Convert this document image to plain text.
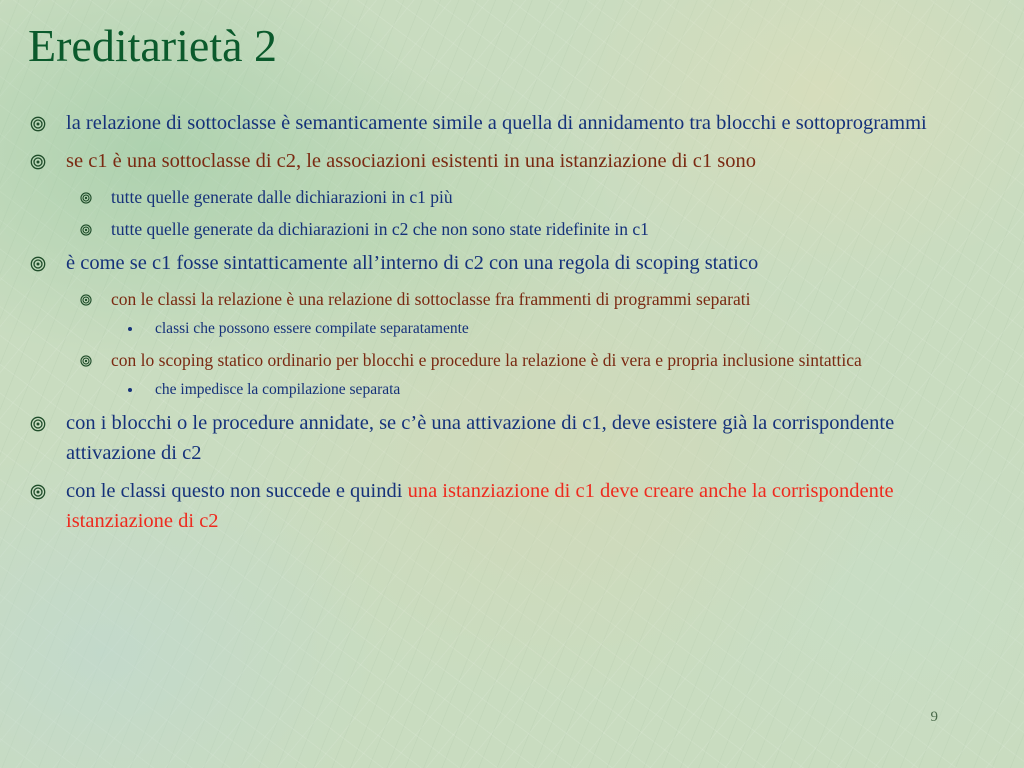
Ereditarietà 2
la relazione di sottoclasse è semanticamente simile a quella di annidamento tra blocchi e sottoprogrammi
se c1 è una sottoclasse di c2, le associazioni esistenti in una istanziazione di c1 sono
tutte quelle generate dalle dichiarazioni in c1 più
tutte quelle generate da dichiarazioni in c2 che non sono state ridefinite in c1
è come se c1 fosse sintatticamente all’interno di c2 con una regola di scoping statico
con le classi la relazione è una relazione di sottoclasse fra frammenti di programmi separati
classi che possono essere compilate separatamente
con lo scoping statico ordinario per blocchi e procedure la relazione è di vera e propria inclusione sintattica
che impedisce la compilazione separata
con i blocchi o le procedure annidate, se c’è una attivazione di c1, deve esistere già la corrispondente attivazione di c2
con le classi questo non succede e quindi una istanziazione di c1 deve creare anche la corrispondente istanziazione di c2
9
